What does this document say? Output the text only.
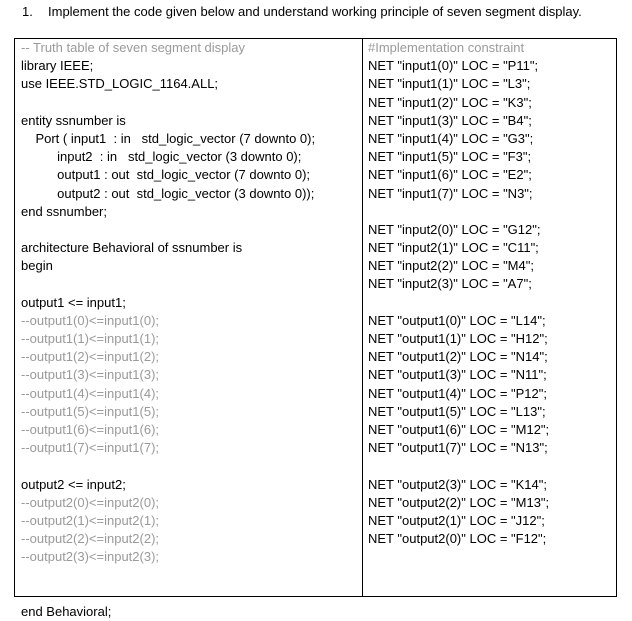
1. Implement the code given below and understand working principle of seven segment display.
-- Truth table of seven segment display
library IEEE;
use IEEE.STD_LOGIC_1164.ALL;
entity ssnumber is
Port ( input1  : in   std_logic_vector (7 downto 0);
input2  : in   std_logic_vector (3 downto 0);
output1 : out  std_logic_vector (7 downto 0);
output2 : out  std_logic_vector (3 downto 0));
end ssnumber;
architecture Behavioral of ssnumber is
begin
output1 <= input1;
--output1(0)<=input1(0);
--output1(1)<=input1(1);
--output1(2)<=input1(2);
--output1(3)<=input1(3);
--output1(4)<=input1(4);
--output1(5)<=input1(5);
--output1(6)<=input1(6);
--output1(7)<=input1(7);
output2 <= input2;
--output2(0)<=input2(0);
--output2(1)<=input2(1);
--output2(2)<=input2(2);
--output2(3)<=input2(3);
end Behavioral;
#Implementation constraint
NET "input1(0)" LOC = "P11";
NET "input1(1)" LOC = "L3";
NET "input1(2)" LOC = "K3";
NET "input1(3)" LOC = "B4";
NET "input1(4)" LOC = "G3";
NET "input1(5)" LOC = "F3";
NET "input1(6)" LOC = "E2";
NET "input1(7)" LOC = "N3";
NET "input2(0)" LOC = "G12";
NET "input2(1)" LOC = "C11";
NET "input2(2)" LOC = "M4";
NET "input2(3)" LOC = "A7";
NET "output1(0)" LOC = "L14";
NET "output1(1)" LOC = "H12";
NET "output1(2)" LOC = "N14";
NET "output1(3)" LOC = "N11";
NET "output1(4)" LOC = "P12";
NET "output1(5)" LOC = "L13";
NET "output1(6)" LOC = "M12";
NET "output1(7)" LOC = "N13";
NET "output2(3)" LOC = "K14";
NET "output2(2)" LOC = "M13";
NET "output2(1)" LOC = "J12";
NET "output2(0)" LOC = "F12";
